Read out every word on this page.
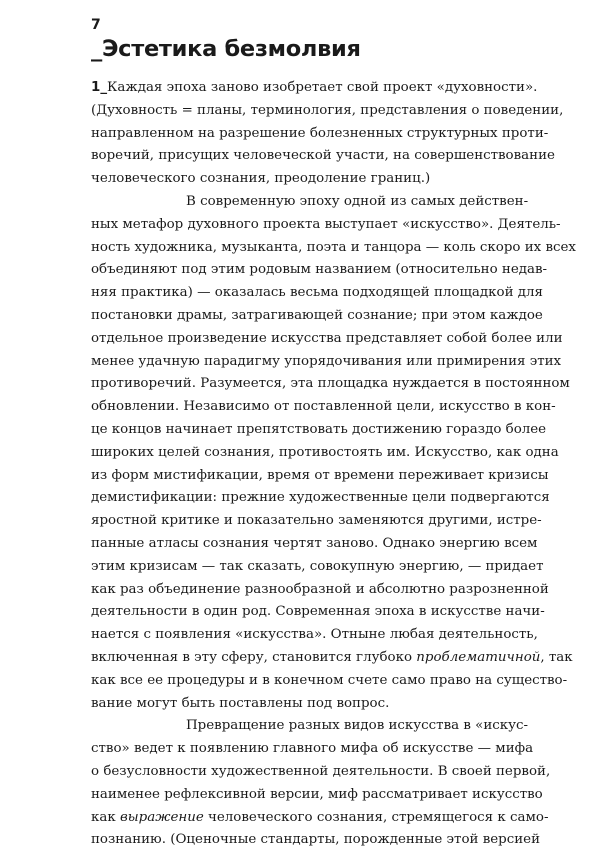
7
_Эстетика безмолвия
1_Каждая эпоха заново изобретает свой проект «духовности».
(Духовность = планы, терминология, представления о поведении,
направленном на разрешение болезненных структурных проти-
воречий, присущих человеческой участи, на совершенствование
человеческого сознания, преодоление границ.)
В современную эпоху одной из самых действен-
ных метафор духовного проекта выступает «искусство». Деятель-
ность художника, музыканта, поэта и танцора — коль скоро их всех
объединяют под этим родовым названием (относительно недав-
няя практика) — оказалась весьма подходящей площадкой для
постановки драмы, затрагивающей сознание; при этом каждое
отдельное произведение искусства представляет собой более или
менее удачную парадигму упорядочивания или примирения этих
противоречий. Разумеется, эта площадка нуждается в постоянном
обновлении. Независимо от поставленной цели, искусство в кон-
це концов начинает препятствовать достижению гораздо более
широких целей сознания, противостоять им. Искусство, как одна
из форм мистификации, время от времени переживает кризисы
демистификации: прежние художественные цели подвергаются
яростной критике и показательно заменяются другими, истре-
панные атласы сознания чертят заново. Однако энергию всем
этим кризисам — так сказать, совокупную энергию, — придает
как раз объединение разнообразной и абсолютно разрозненной
деятельности в один род. Современная эпоха в искусстве начи-
нается с появления «искусства». Отныне любая деятельность,
включенная в эту сферу, становится глубоко проблематичной, так
как все ее процедуры и в конечном счете само право на существо-
вание могут быть поставлены под вопрос.
Превращение разных видов искусства в «искус-
ство» ведет к появлению главного мифа об искусстве — мифа
о безусловности художественной деятельности. В своей первой,
наименее рефлексивной версии, миф рассматривает искусство
как выражение человеческого сознания, стремящегося к само-
познанию. (Оценочные стандарты, порожденные этой версией
